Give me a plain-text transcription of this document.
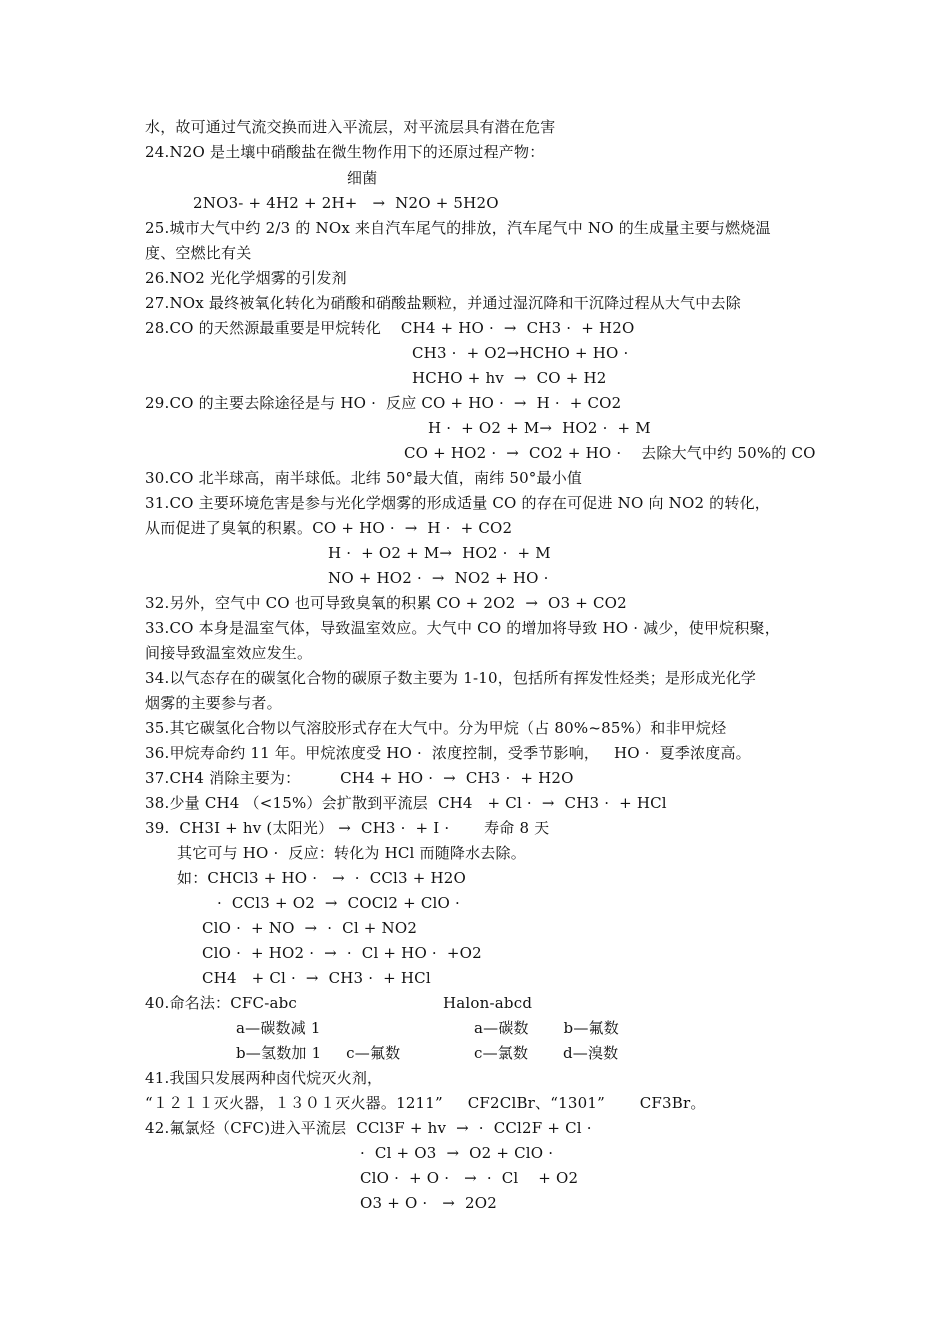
水，故可通过气流交换而进入平流层，对平流层具有潜在危害
24.N2O 是土壤中硝酸盐在微生物作用下的还原过程产物：
细菌
2NO3- + 4H2 + 2H+   →  N2O + 5H2O
25.城市大气中约 2/3 的 NOx 来自汽车尾气的排放，汽车尾气中 NO 的生成量主要与燃烧温
度、空燃比有关
26.NO2 光化学烟雾的引发剂
27.NOx 最终被氧化转化为硝酸和硝酸盐颗粒，并通过湿沉降和干沉降过程从大气中去除
28.CO 的天然源最重要是甲烷转化    CH4 + HO ·  →  CH3 ·  + H2O
CH3 ·  + O2→HCHO + HO ·
HCHO + hv  →  CO + H2
29.CO 的主要去除途径是与 HO ·  反应 CO + HO ·  →  H ·  + CO2
H ·  + O2 + M→  HO2 ·  + M
CO + HO2 ·  →  CO2 + HO ·    去除大气中约 50%的 CO
30.CO 北半球高，南半球低。北纬 50°最大值，南纬 50°最小值
31.CO 主要环境危害是参与光化学烟雾的形成适量 CO 的存在可促进 NO 向 NO2 的转化，
从而促进了臭氧的积累。CO + HO ·  →  H ·  + CO2
H ·  + O2 + M→  HO2 ·  + M
NO + HO2 ·  →  NO2 + HO ·
32.另外，空气中 CO 也可导致臭氧的积累 CO + 2O2  →  O3 + CO2
33.CO 本身是温室气体，导致温室效应。大气中 CO 的增加将导致 HO · 减少，使甲烷积聚，
间接导致温室效应发生。
34.以气态存在的碳氢化合物的碳原子数主要为 1-10，包括所有挥发性烃类；是形成光化学
烟雾的主要参与者。
35.其它碳氢化合物以气溶胶形式存在大气中。分为甲烷（占 80%~85%）和非甲烷烃
36.甲烷寿命约 11 年。甲烷浓度受 HO ·  浓度控制，受季节影响，   HO ·  夏季浓度高。
37.CH4 消除主要为：        CH4 + HO ·  →  CH3 ·  + H2O
38.少量 CH4 （<15%）会扩散到平流层  CH4   + Cl ·  →  CH3 ·  + HCl
39.  CH3I + hv (太阳光） →  CH3 ·  + I ·       寿命 8 天
其它可与 HO ·  反应：转化为 HCl 而随降水去除。
如：CHCl3 + HO ·   →  ·  CCl3 + H2O
·  CCl3 + O2  →  COCl2 + ClO ·
ClO ·  + NO  →  ·  Cl + NO2
ClO ·  + HO2 ·  →  ·  Cl + HO ·  +O2
CH4   + Cl ·  →  CH3 ·  + HCl
40.命名法：CFC-abc	Halon-abcd
a—碳数减 1	a—碳数       b—氟数
b—氢数加 1     c—氟数	c—氯数       d—溴数
41.我国只发展两种卤代烷灭火剂，
“１２１１灭火器，１３０１灭火器。1211”     CF2ClBr、“1301”       CF3Br。
42.氟氯烃（CFC)进入平流层  CCl3F + hv  →  ·  CCl2F + Cl ·
·  Cl + O3  →  O2 + ClO ·
ClO ·  + O ·   →  ·  Cl    + O2
O3 + O ·   →  2O2
